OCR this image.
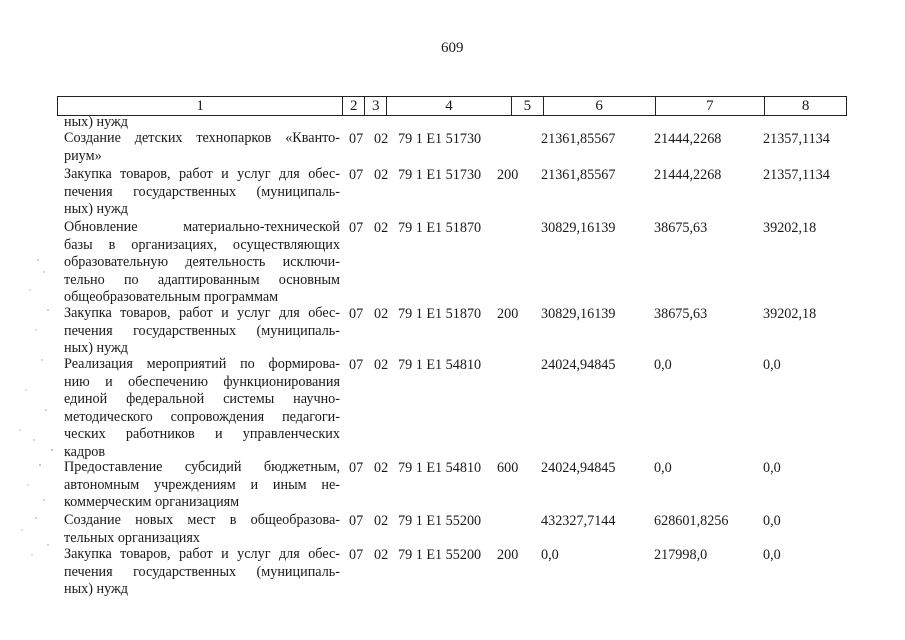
609
1	2 3	4	5	6	7	8
ных) нужд
Создание детских технопарков «Кванто-
риум»
07 02 79 1 E1 51730	21361,85567	21444,2268	21357,1134
Закупка товаров, работ и услуг для обес-
печения государственных (муниципаль-
ных) нужд
07 02 79 1 E1 51730 200 21361,85567	21444,2268	21357,1134
Обновление материально-технической
базы в организациях, осуществляющих
образовательную деятельность исключи-
тельно по адаптированным основным
общеобразовательным программам
07 02 79 1 E1 51870	30829,16139	38675,63	39202,18
Закупка товаров, работ и услуг для обес-
печения государственных (муниципаль-
ных) нужд
07 02 79 1 E1 51870 200 30829,16139	38675,63	39202,18
Реализация мероприятий по формирова-
нию и обеспечению функционирования
единой федеральной системы научно-
методического сопровождения педагоги-
ческих работников и управленческих
кадров
07 02 79 1 E1 54810	24024,94845	0,0	0,0
Предоставление субсидий бюджетным,
автономным учреждениям и иным не-
коммерческим организациям
07 02 79 1 E1 54810 600 24024,94845	0,0	0,0
Создание новых мест в общеобразова-
тельных организациях
07 02 79 1 E1 55200	432327,7144	628601,8256 0,0
Закупка товаров, работ и услуг для обес-
печения государственных (муниципаль-
ных) нужд
07 02 79 1 E1 55200 200 0,0	217998,0	0,0
